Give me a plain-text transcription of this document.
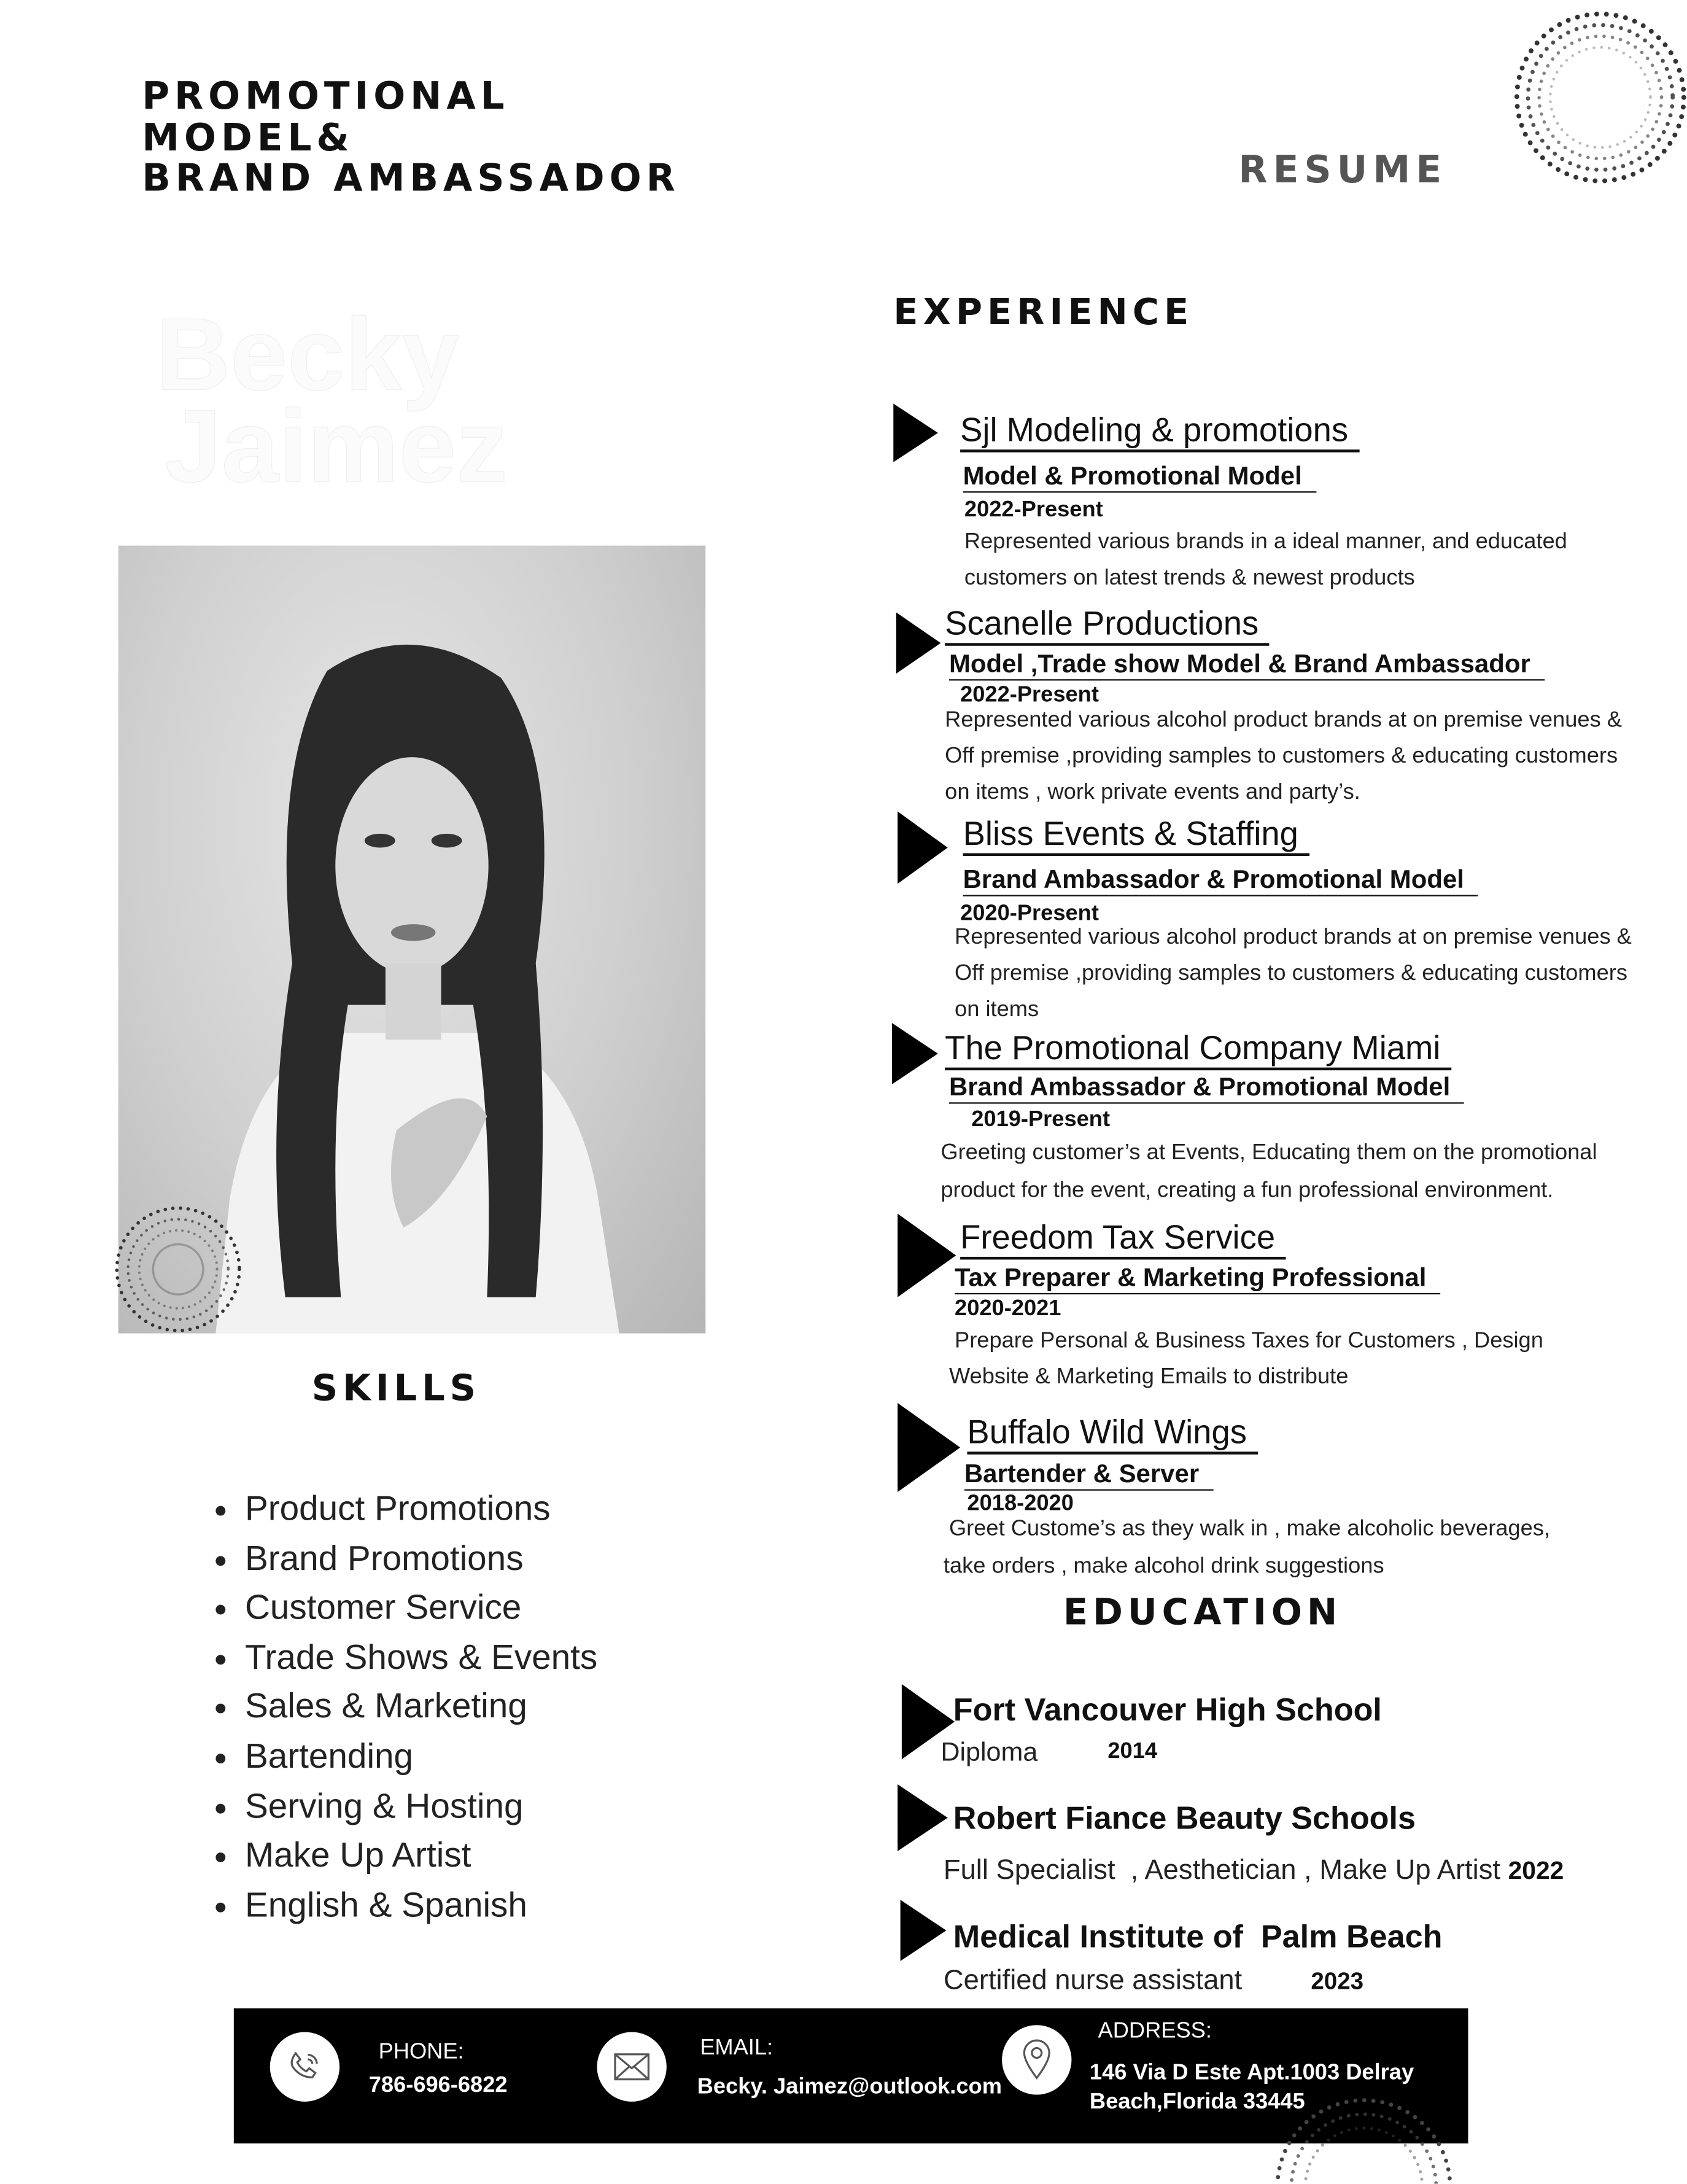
PROMOTIONAL
MODEL&
BRAND AMBASSADOR	RESUME
Becky
Jaimez
SKILLS
• Product Promotions
• Brand Promotions
• Customer Service
• Trade Shows & Events
• Sales & Marketing
• Bartending
• Serving & Hosting
• Make Up Artist
• English & Spanish
EXPERIENCE
Sjl Modeling & promotions
Model & Promotional Model
2022-Present
Represented various brands in a ideal manner, and educated
customers on latest trends & newest products
Scanelle Productions
Model ,Trade show Model & Brand Ambassador
2022-Present
Represented various alcohol product brands at on premise venues &
Off premise ,providing samples to customers & educating customers
on items , work private events and party’s.
Bliss Events & Staffing
Brand Ambassador & Promotional Model
2020-Present
Represented various alcohol product brands at on premise venues &
Off premise ,providing samples to customers & educating customers
on items
The Promotional Company Miami
Brand Ambassador & Promotional Model
2019-Present
Greeting customer’s at Events, Educating them on the promotional
product for the event, creating a fun professional environment.
Freedom Tax Service
Tax Preparer & Marketing Professional
2020-2021
Prepare Personal & Business Taxes for Customers , Design
Website & Marketing Emails to distribute
Buffalo Wild Wings
Bartender & Server
2018-2020
Greet Custome’s as they walk in , make alcoholic beverages,
take orders , make alcohol drink suggestions
EDUCATION
Fort Vancouver High School
Diploma	2014
Robert Fiance Beauty Schools
Full Specialist  , Aesthetician , Make Up Artist 2022
Medical Institute of  Palm Beach
Certified nurse assistant	2023
PHONE:
786-696-6822
EMAIL:
Becky. Jaimez@outlook.com
ADDRESS:
146 Via D Este Apt.1003 Delray
Beach,Florida 33445
